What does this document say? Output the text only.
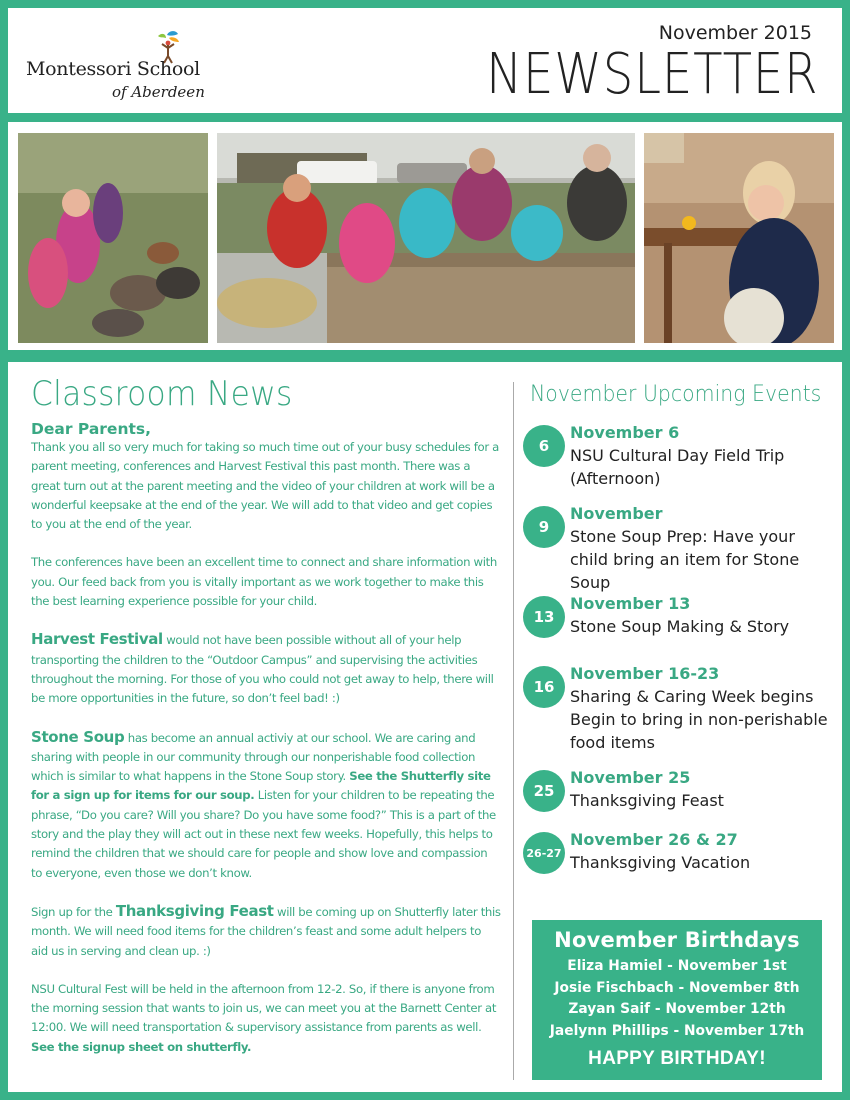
Montessori School
of Aberdeen
November 2015
NEWSLETTER
Classroom News
Dear Parents,

Thank you all so very much for taking so much time out of your busy schedules for a parent meeting, conferences and Harvest Festival this past month. There was a great turn out at the parent meeting and the video of your children at work will be a wonderful keepsake at the end of the year. We will add to that video and get copies to you at the end of the year.

The conferences have been an excellent time to connect and share information with you. Our feed back from you is vitally important as we work together to make this the best learning experience possible for your child.

Harvest Festival would not have been possible without all of your help transporting the children to the “Outdoor Campus” and supervising the activities throughout the morning. For those of you who could not get away to help, there will be more opportunities in the future, so don’t feel bad! :)

Stone Soup has become an annual activiy at our school. We are caring and sharing with people in our community through our nonperishable food collection which is similar to what happens in the Stone Soup story. See the Shutterfly site for a sign up for items for our soup. Listen for your children to be repeating the phrase, “Do you care? Will you share? Do you have some food?” This is a part of the story and the play they will act out in these next few weeks. Hopefully, this helps to remind the children that we should care for people and show love and compassion to everyone, even those we don’t know.

Sign up for the Thanksgiving Feast will be coming up on Shutterfly later this month. We will need food items for the children’s feast and some adult helpers to aid us in serving and clean up. :)

NSU Cultural Fest will be held in the afternoon from 12-2. So, if there is anyone from the morning session that wants to join us, we can meet you at the Barnett Center at 12:00. We will need transportation & supervisory assistance from parents as well. See the signup sheet on shutterfly.

November Upcoming Events
6
November 6
NSU Cultural Day Field Trip (Afternoon)
9
November
Stone Soup Prep: Have your child bring an item for Stone Soup
13
November 13
Stone Soup Making & Story
16
November 16-23
Sharing & Caring Week begins Begin to bring in non-perishable food items
25
November 25
Thanksgiving Feast
26-27
November 26 & 27
Thanksgiving Vacation
November Birthdays
Eliza Hamiel - November 1st
Josie Fischbach - November 8th
Zayan Saif - November 12th
Jaelynn Phillips - November 17th
HAPPY BIRTHDAY!
